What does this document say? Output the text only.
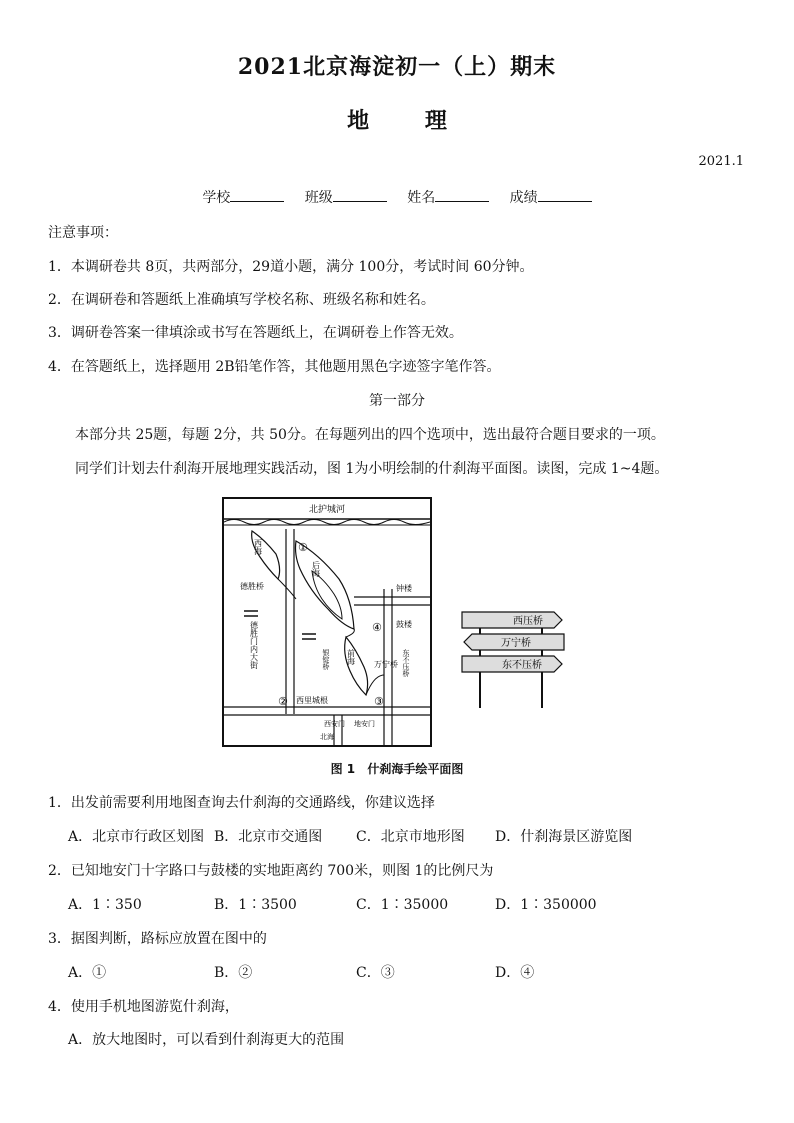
2021北京海淀初一（上）期末
地	理
2021.1
学校	班级	姓名	成绩
注意事项：
1．本调研卷共 8页，共两部分，29道小题，满分 100分，考试时间 60分钟。
2．在调研卷和答题纸上准确填写学校名称、班级名称和姓名。
3．调研卷答案一律填涂或书写在答题纸上，在调研卷上作答无效。
4．在答题纸上，选择题用 2B铅笔作答，其他题用黑色字迹签字笔作答。
第一部分
本部分共 25题，每题 2分，共 50分。在每题列出的四个选项中，选出最符合题目要求的一项。
同学们计划去什刹海开展地理实践活动，图 1为小明绘制的什刹海平面图。读图，完成 1~4题。
北护城河
德胜桥
德胜门内大街
西海
后海
前海
钟楼
鼓楼
万宁桥 东不压桥
银锭桥
西里城根
西安门 地安门
北海
①
②	③
④	西压桥
万宁桥
东不压桥
图 1 什刹海手绘平面图
1．出发前需要利用地图查询去什刹海的交通路线，你建议选择
A．北京市行政区划图 B．北京市交通图 C．北京市地形图 D．什刹海景区游览图
2．已知地安门十字路口与鼓楼的实地距离约 700米，则图 1的比例尺为
A．1∶350	B．1∶3500	C．1∶35000	D．1∶350000
3．据图判断，路标应放置在图中的
A．①	B．②	C．③	D．④
4．使用手机地图游览什刹海，
A．放大地图时，可以看到什刹海更大的范围
